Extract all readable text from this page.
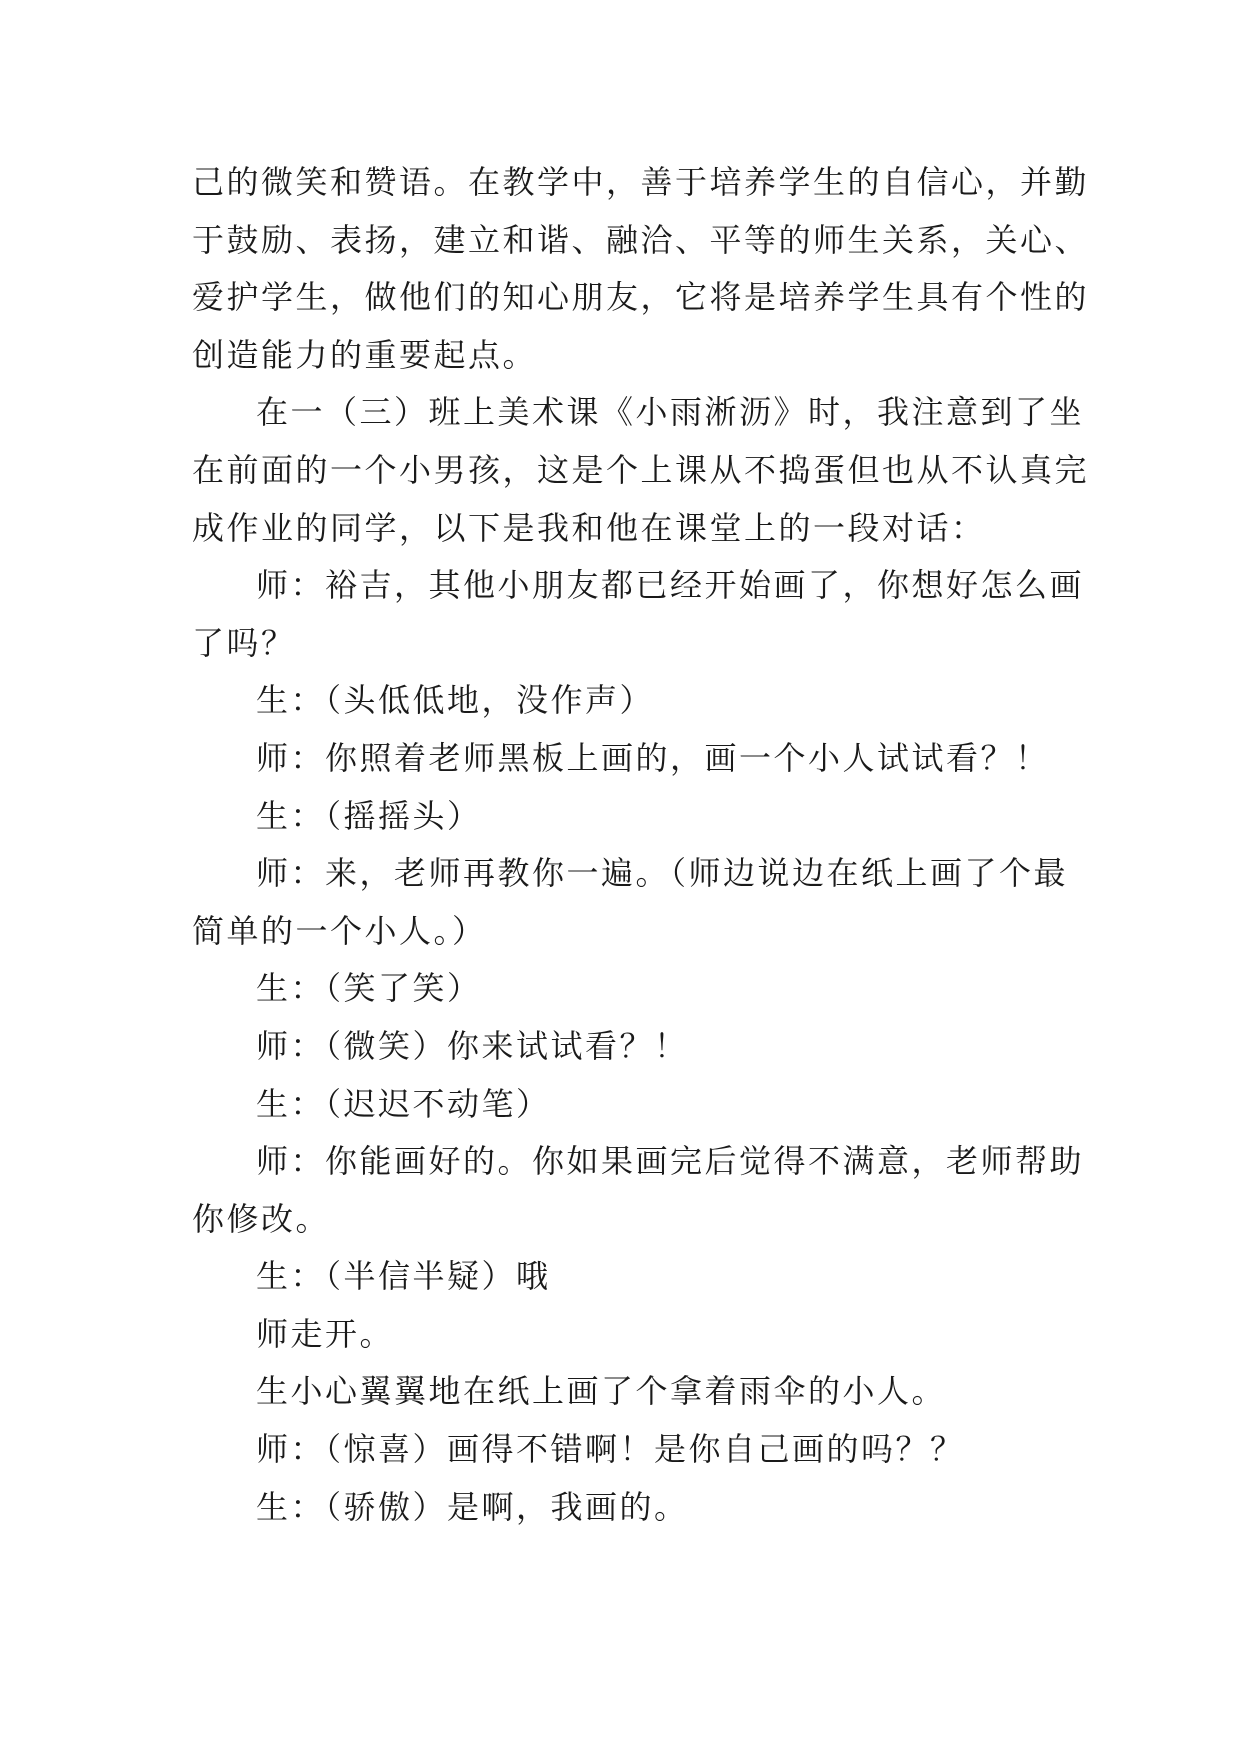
己的微笑和赞语。在教学中，善于培养学生的自信心，并勤
于鼓励、表扬，建立和谐、融洽、平等的师生关系，关心、
爱护学生，做他们的知心朋友，它将是培养学生具有个性的
创造能力的重要起点。
在一（三）班上美术课《小雨淅沥》时，我注意到了坐
在前面的一个小男孩，这是个上课从不捣蛋但也从不认真完
成作业的同学，以下是我和他在课堂上的一段对话：
师：裕吉，其他小朋友都已经开始画了，你想好怎么画
了吗？
生：（头低低地，没作声）
师：你照着老师黑板上画的，画一个小人试试看？！
生：（摇摇头）
师：来，老师再教你一遍。（师边说边在纸上画了个最
简单的一个小人。）
生：（笑了笑）
师：（微笑）你来试试看？！
生：（迟迟不动笔）
师：你能画好的。你如果画完后觉得不满意，老师帮助
你修改。
生：（半信半疑）哦
师走开。
生小心翼翼地在纸上画了个拿着雨伞的小人。
师：（惊喜）画得不错啊！是你自己画的吗？？
生：（骄傲）是啊，我画的。
